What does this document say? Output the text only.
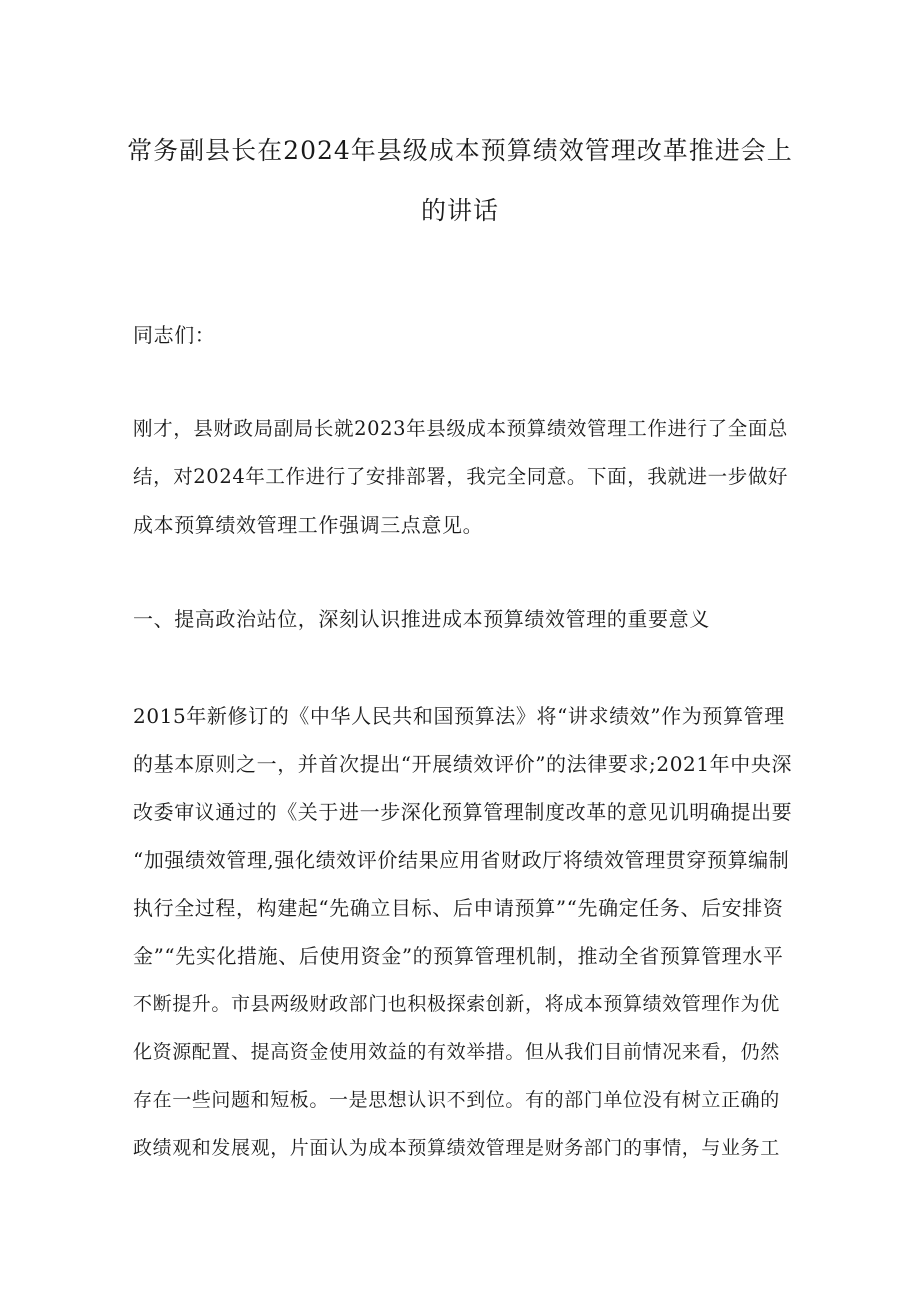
常务副县长在2024年县级成本预算绩效管理改革推进会上
的讲话
同志们：
刚才，县财政局副局长就2023年县级成本预算绩效管理工作进行了全面总
结，对2024年工作进行了安排部署，我完全同意。下面，我就进一步做好
成本预算绩效管理工作强调三点意见。
一、提高政治站位，深刻认识推进成本预算绩效管理的重要意义
2015年新修订的《中华人民共和国预算法》将“讲求绩效”作为预算管理
的基本原则之一，并首次提出“开展绩效评价”的法律要求;2021年中央深
改委审议通过的《关于进一步深化预算管理制度改革的意见讥明确提出要
“加强绩效管理,强化绩效评价结果应用省财政厅将绩效管理贯穿预算编制
执行全过程，构建起“先确立目标、后申请预算”“先确定任务、后安排资
金”“先实化措施、后使用资金”的预算管理机制，推动全省预算管理水平
不断提升。市县两级财政部门也积极探索创新，将成本预算绩效管理作为优
化资源配置、提高资金使用效益的有效举措。但从我们目前情况来看，仍然
存在一些问题和短板。一是思想认识不到位。有的部门单位没有树立正确的
政绩观和发展观，片面认为成本预算绩效管理是财务部门的事情，与业务工
